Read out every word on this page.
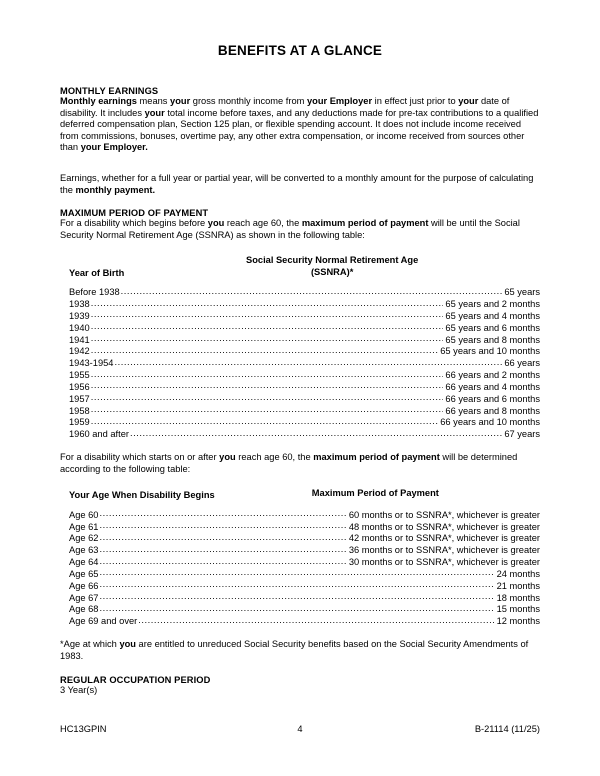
BENEFITS AT A GLANCE
MONTHLY EARNINGS

Monthly earnings means your gross monthly income from your Employer in effect just prior to your date of disability. It includes your total income before taxes, and any deductions made for pre-tax contributions to a qualified deferred compensation plan, Section 125 plan, or flexible spending account. It does not include income received from commissions, bonuses, overtime pay, any other extra compensation, or income received from sources other than your Employer.

Earnings, whether for a full year or partial year, will be converted to a monthly amount for the purpose of calculating the monthly payment.

MAXIMUM PERIOD OF PAYMENT

For a disability which begins before you reach age 60, the maximum period of payment will be until the Social Security Normal Retirement Age (SSNRA) as shown in the following table:

Year of Birth
Social Security Normal Retirement Age
(SSNRA)*
Before 1938 .....	65 years
1938 .....	65 years and 2 months
1939 .....	65 years and 4 months
1940 .....	65 years and 6 months
1941 .....	65 years and 8 months
1942 .....	65 years and 10 months
1943-1954 .....	66 years
1955 .....	66 years and 2 months
1956 .....	66 years and 4 months
1957 .....	66 years and 6 months
1958 .....	66 years and 8 months
1959 .....	66 years and 10 months
1960 and after .....	67 years

For a disability which starts on or after you reach age 60, the maximum period of payment will be determined according to the following table:

Your Age When Disability Begins	Maximum Period of Payment
Age 60 .....	60 months or to SSNRA*, whichever is greater
Age 61 .....	48 months or to SSNRA*, whichever is greater
Age 62 .....	42 months or to SSNRA*, whichever is greater
Age 63 .....	36 months or to SSNRA*, whichever is greater
Age 64 .....	30 months or to SSNRA*, whichever is greater
Age 65 .....	24 months
Age 66 .....	21 months
Age 67 .....	18 months
Age 68 .....	15 months
Age 69 and over .....	12 months

*Age at which you are entitled to unreduced Social Security benefits based on the Social Security Amendments of 1983.

REGULAR OCCUPATION PERIOD

3 Year(s)

HC13GPIN	4	B-21114 (11/25)
